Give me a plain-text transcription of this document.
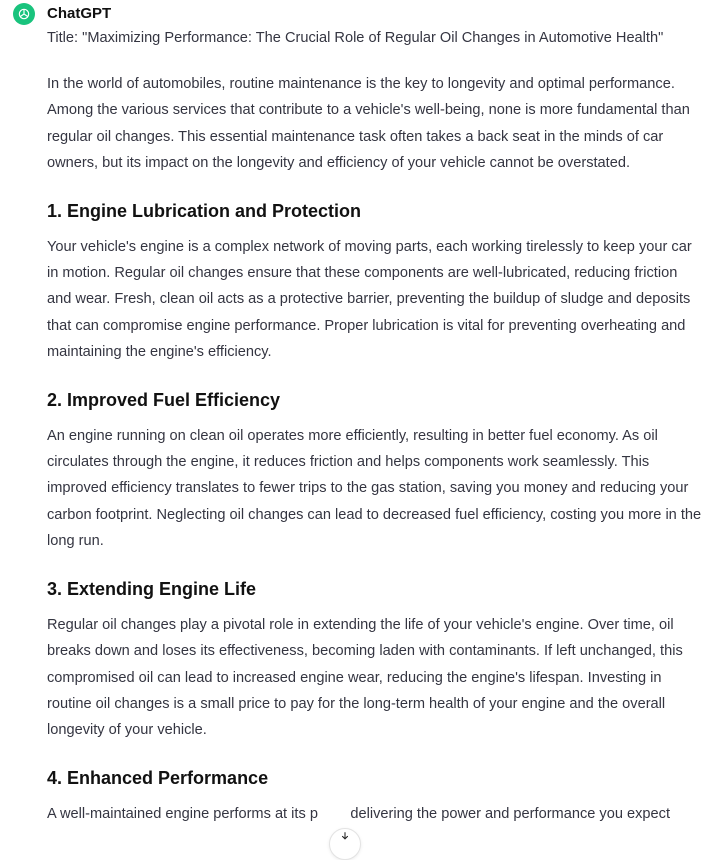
ChatGPT

Title: "Maximizing Performance: The Crucial Role of Regular Oil Changes in Automotive Health"

In the world of automobiles, routine maintenance is the key to longevity and optimal performance. Among the various services that contribute to a vehicle's well-being, none is more fundamental than regular oil changes. This essential maintenance task often takes a back seat in the minds of car owners, but its impact on the longevity and efficiency of your vehicle cannot be overstated.

1. Engine Lubrication and Protection

Your vehicle's engine is a complex network of moving parts, each working tirelessly to keep your car in motion. Regular oil changes ensure that these components are well-lubricated, reducing friction and wear. Fresh, clean oil acts as a protective barrier, preventing the buildup of sludge and deposits that can compromise engine performance. Proper lubrication is vital for preventing overheating and maintaining the engine's efficiency.

2. Improved Fuel Efficiency

An engine running on clean oil operates more efficiently, resulting in better fuel economy. As oil circulates through the engine, it reduces friction and helps components work seamlessly. This improved efficiency translates to fewer trips to the gas station, saving you money and reducing your carbon footprint. Neglecting oil changes can lead to decreased fuel efficiency, costing you more in the long run.

3. Extending Engine Life

Regular oil changes play a pivotal role in extending the life of your vehicle's engine. Over time, oil breaks down and loses its effectiveness, becoming laden with contaminants. If left unchanged, this compromised oil can lead to increased engine wear, reducing the engine's lifespan. Investing in routine oil changes is a small price to pay for the long-term health of your engine and the overall longevity of your vehicle.

4. Enhanced Performance

A well-maintained engine performs at its p        delivering the power and performance you expect
